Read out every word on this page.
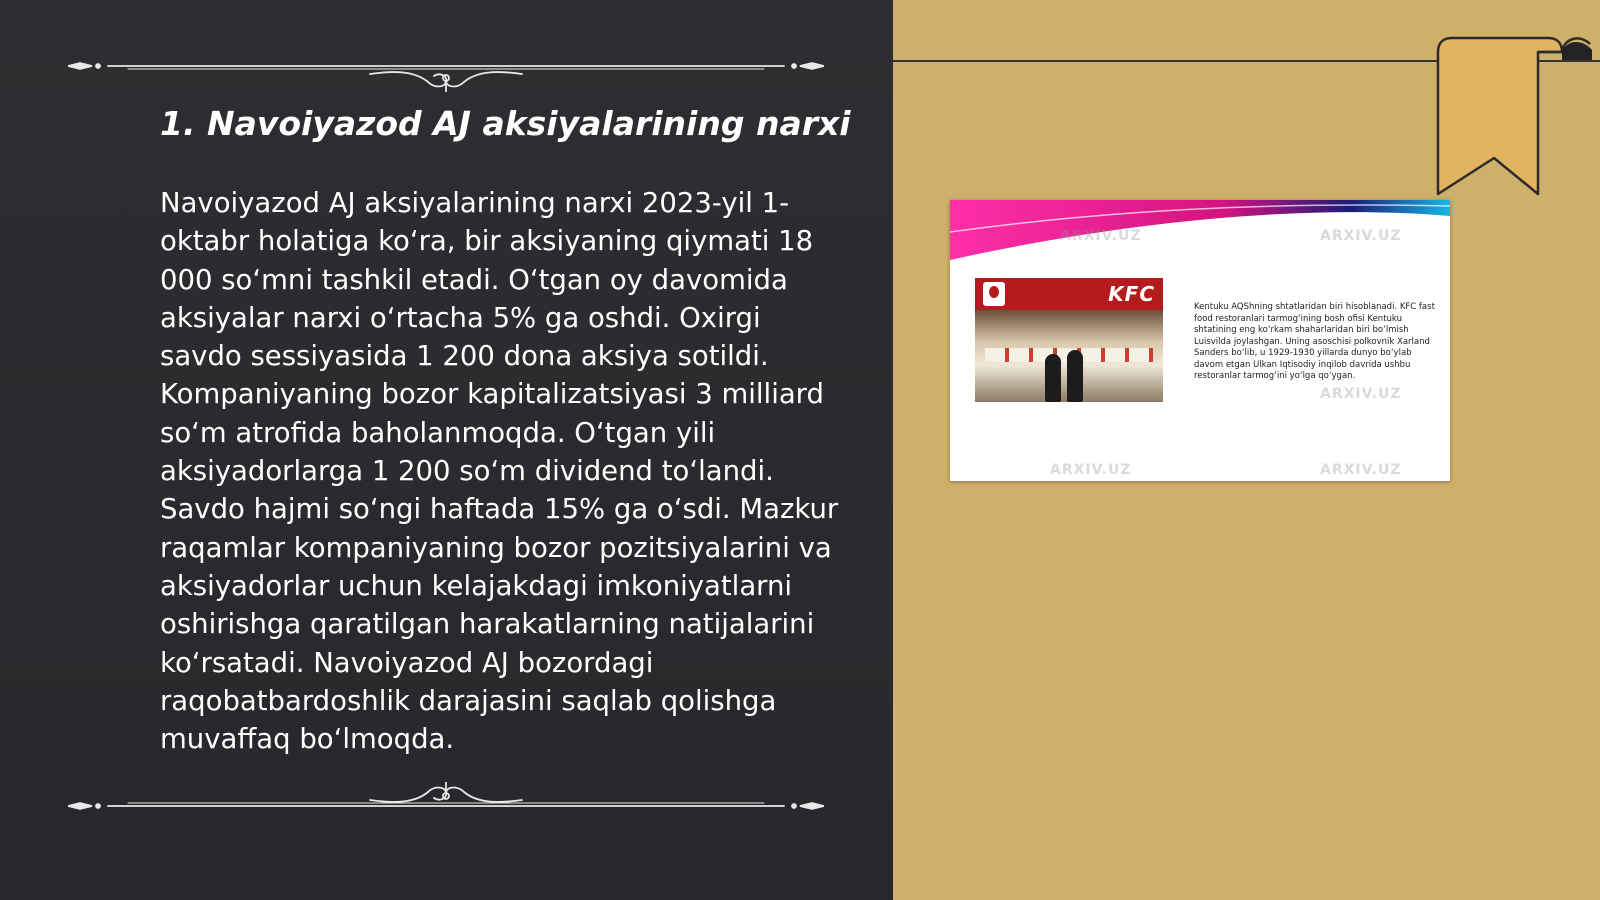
1. Navoiyazod AJ aksiyalarining narxi

Navoiyazod AJ aksiyalarining narxi 2023-yil 1-oktabr holatiga ko‘ra, bir aksiyaning qiymati 18 000 so‘mni tashkil etadi. O‘tgan oy davomida aksiyalar narxi o‘rtacha 5% ga oshdi. Oxirgi savdo sessiyasida 1 200 dona aksiya sotildi. Kompaniyaning bozor kapitalizatsiyasi 3 milliard so‘m atrofida baholanmoqda. O‘tgan yili aksiyadorlarga 1 200 so‘m dividend to‘landi. Savdo hajmi so‘ngi haftada 15% ga o‘sdi. Mazkur raqamlar kompaniyaning bozor pozitsiyalarini va aksiyadorlar uchun kelajakdagi imkoniyatlarni oshirishga qaratilgan harakatlarning natijalarini ko‘rsatadi. Navoiyazod AJ bozordagi raqobatbardoshlik darajasini saqlab qolishga muvaffaq bo‘lmoqda.

KFC

Kentuku AQShning shtatlaridan biri hisoblanadi. KFC fast food restoranlari tarmog‘ining bosh ofisi Kentuku shtatining eng ko‘rkam shaharlaridan biri bo‘lmish Luisvilda joylashgan. Uning asoschisi polkovnik Xarland Sanders bo‘lib, u 1929-1930 yillarda dunyo bo‘ylab davom etgan Ulkan Iqtisodiy inqilob davrida ushbu restoranlar tarmog‘ini yo‘lga qo‘ygan.

ARXIV.UZ	ARXIV.UZ
ARXIV.UZ
ARXIV.UZ	ARXIV.UZ
